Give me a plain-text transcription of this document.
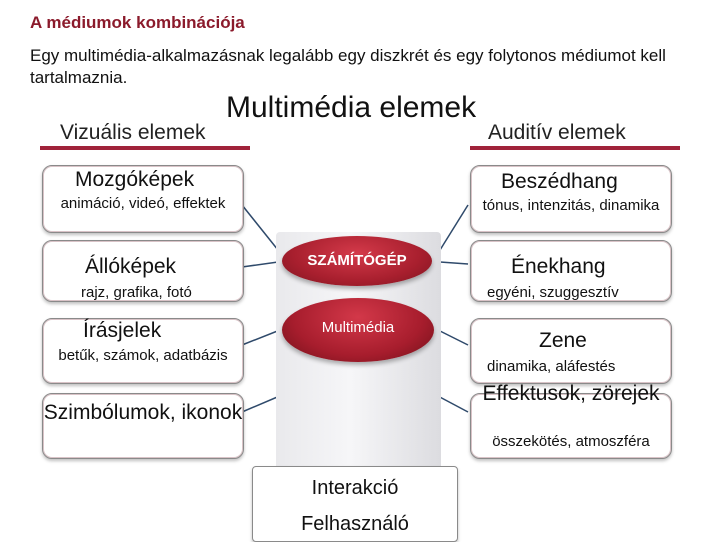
A médiumok kombinációja
Egy multimédia-alkalmazásnak legalább egy diszkrét és egy folytonos médiumot kell tartalmaznia.
Multimédia elemek
Vizuális elemek	Auditív elemek
Mozgóképek
animáció, videó, effektek
Állóképek
rajz, grafika, fotó
Írásjelek
betűk, számok, adatbázis
Szimbólumok, ikonok
Beszédhang
tónus, intenzitás, dinamika
Énekhang
egyéni, szuggesztív
Zene
dinamika, aláfestés
Effektusok, zörejek
összekötés, atmoszféra
SZÁMÍTÓGÉP
Multimédia
Interakció
Felhasználó
